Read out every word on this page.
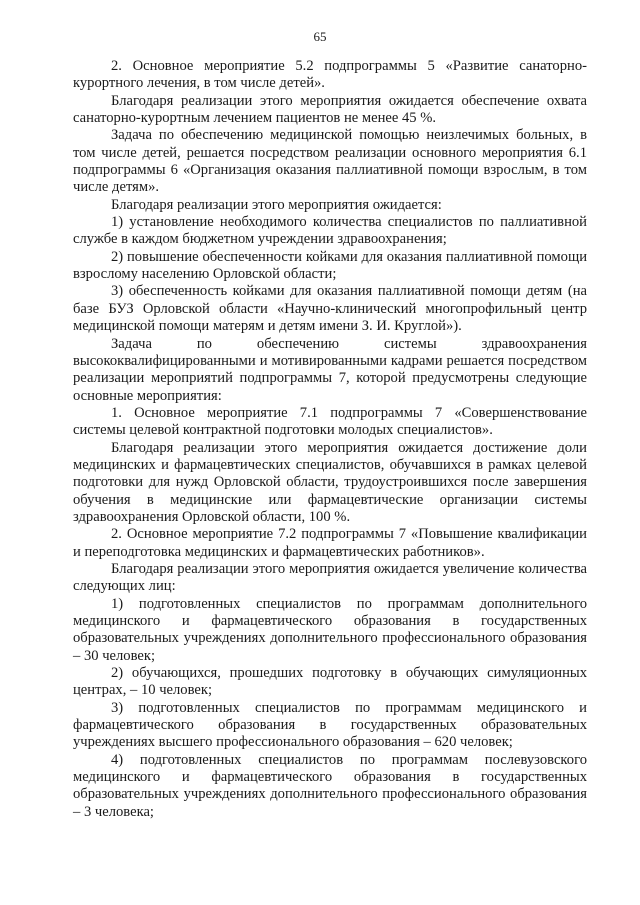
65

2. Основное мероприятие 5.2 подпрограммы 5 «Развитие санаторно-курортного лечения, в том числе детей».

Благодаря реализации этого мероприятия ожидается обеспечение охвата санаторно-курортным лечением пациентов не менее 45 %.

Задача по обеспечению медицинской помощью неизлечимых больных, в том числе детей, решается посредством реализации основного мероприятия 6.1 подпрограммы 6 «Организация оказания паллиативной помощи взрослым, в том числе детям».

Благодаря реализации этого мероприятия ожидается:

1) установление необходимого количества специалистов по паллиативной службе в каждом бюджетном учреждении здравоохранения;

2) повышение обеспеченности койками для оказания паллиативной помощи взрослому населению Орловской области;

3) обеспеченность койками для оказания паллиативной помощи детям (на базе БУЗ Орловской области «Научно-клинический многопрофильный центр медицинской помощи матерям и детям имени З. И. Круглой»).

Задача по обеспечению системы здравоохранения высококвалифицированными и мотивированными кадрами решается посредством реализации мероприятий подпрограммы 7, которой предусмотрены следующие основные мероприятия:

1. Основное мероприятие 7.1 подпрограммы 7 «Совершенствование системы целевой контрактной подготовки молодых специалистов».

Благодаря реализации этого мероприятия ожидается достижение доли медицинских и фармацевтических специалистов, обучавшихся в рамках целевой подготовки для нужд Орловской области, трудоустроившихся после завершения обучения в медицинские или фармацевтические организации системы здравоохранения Орловской области, 100 %.

2. Основное мероприятие 7.2 подпрограммы 7 «Повышение квалификации и переподготовка медицинских и фармацевтических работников».

Благодаря реализации этого мероприятия ожидается увеличение количества следующих лиц:

1) подготовленных специалистов по программам дополнительного медицинского и фармацевтического образования в государственных образовательных учреждениях дополнительного профессионального образования – 30 человек;

2) обучающихся, прошедших подготовку в обучающих симуляционных центрах, – 10 человек;

3) подготовленных специалистов по программам медицинского и фармацевтического образования в государственных образовательных учреждениях высшего профессионального образования – 620 человек;

4) подготовленных специалистов по программам послевузовского медицинского и фармацевтического образования в государственных образовательных учреждениях дополнительного профессионального образования – 3 человека;
